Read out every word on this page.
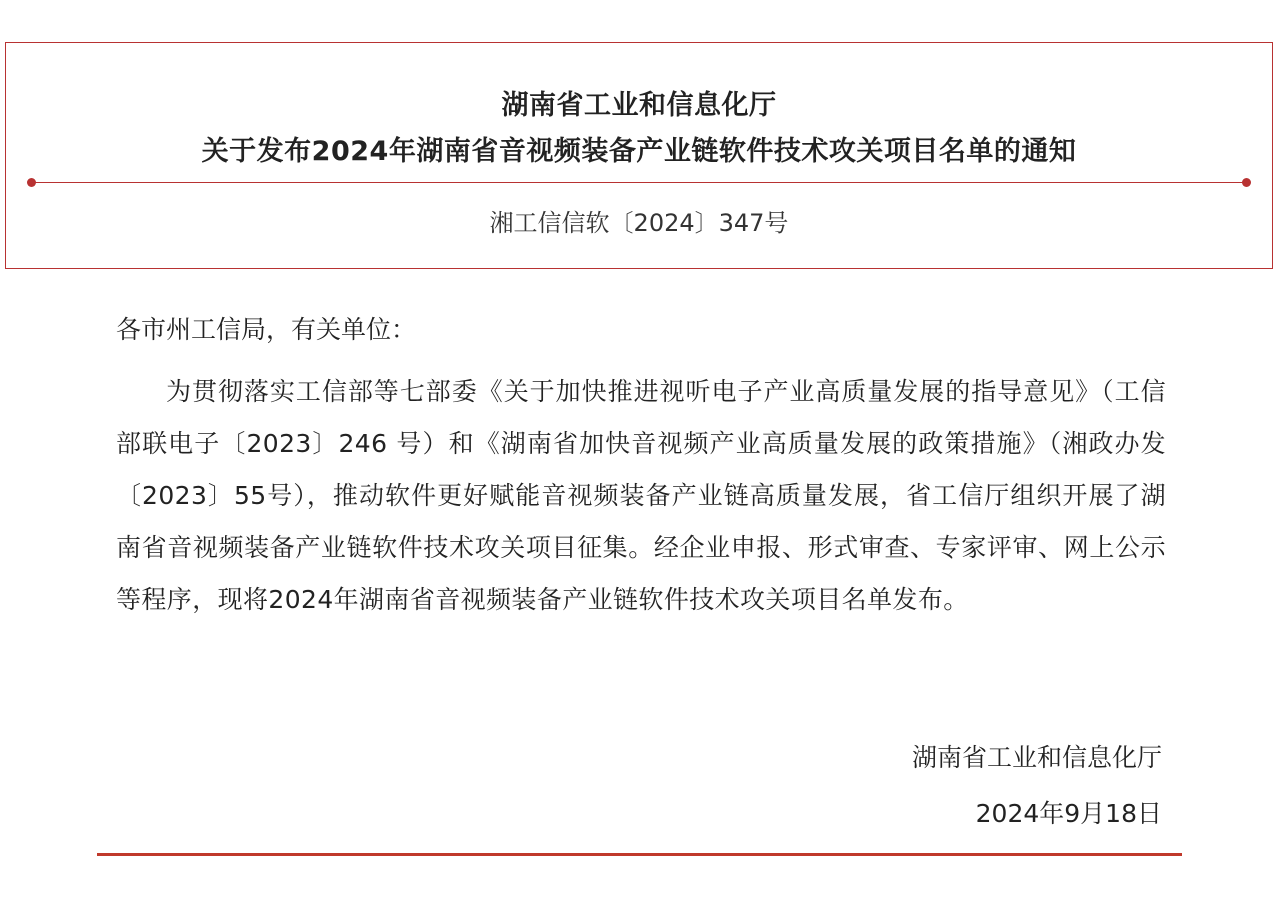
湖南省工业和信息化厅
关于发布2024年湖南省音视频装备产业链软件技术攻关项目名单的通知
湘工信信软〔2024〕347号

各市州工信局，有关单位：

为贯彻落实工信部等七部委《关于加快推进视听电子产业高质量发展的指导意见》（工信部联电子〔2023〕246 号）和《湖南省加快音视频产业高质量发展的政策措施》（湘政办发〔2023〕55号），推动软件更好赋能音视频装备产业链高质量发展，省工信厅组织开展了湖南省音视频装备产业链软件技术攻关项目征集。经企业申报、形式审查、专家评审、网上公示等程序，现将2024年湖南省音视频装备产业链软件技术攻关项目名单发布。

湖南省工业和信息化厅
2024年9月18日
